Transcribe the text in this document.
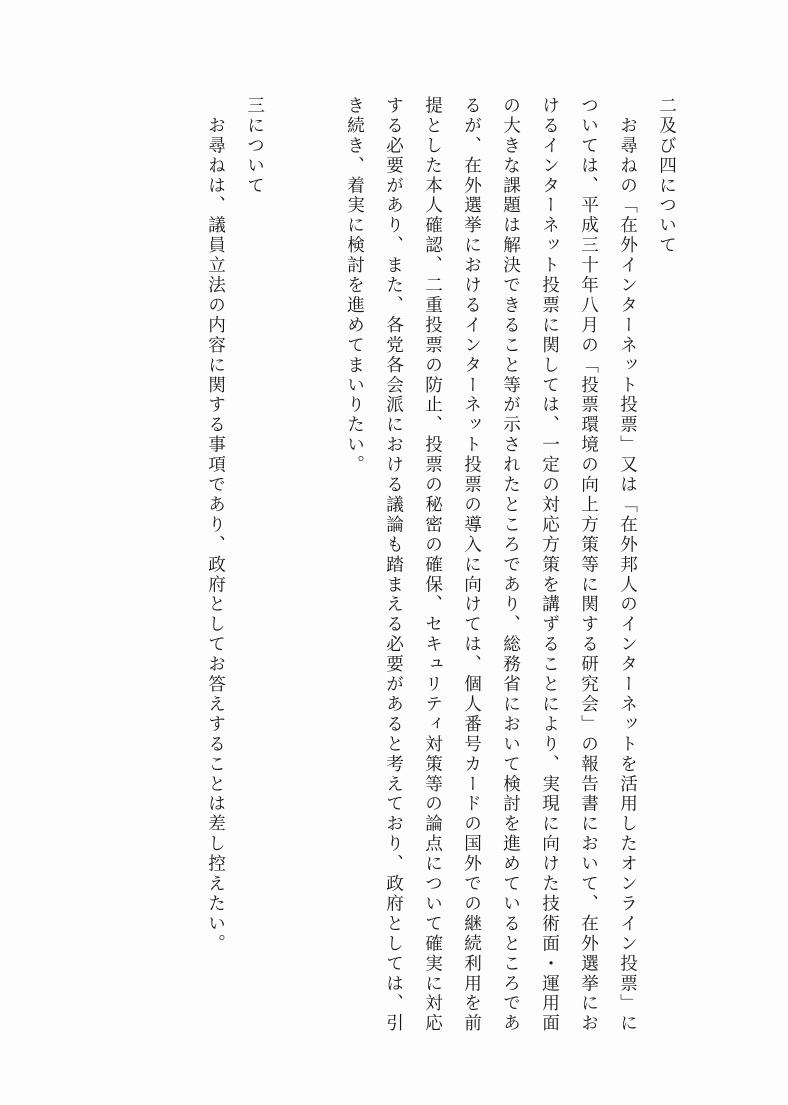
二及び四について
　お尋ねの「在外インターネット投票」又は「在外邦人のインターネットを活用したオンライン投票」に
ついては、平成三十年八月の「投票環境の向上方策等に関する研究会」の報告書において、在外選挙にお
けるインターネット投票に関しては、一定の対応方策を講ずることにより、実現に向けた技術面・運用面
の大きな課題は解決できること等が示されたところであり、総務省において検討を進めているところであ
るが、在外選挙におけるインターネット投票の導入に向けては、個人番号カードの国外での継続利用を前
提とした本人確認、二重投票の防止、投票の秘密の確保、セキュリティ対策等の論点について確実に対応
する必要があり、また、各党各会派における議論も踏まえる必要があると考えており、政府としては、引
き続き、着実に検討を進めてまいりたい。
三について
　お尋ねは、議員立法の内容に関する事項であり、政府としてお答えすることは差し控えたい。
